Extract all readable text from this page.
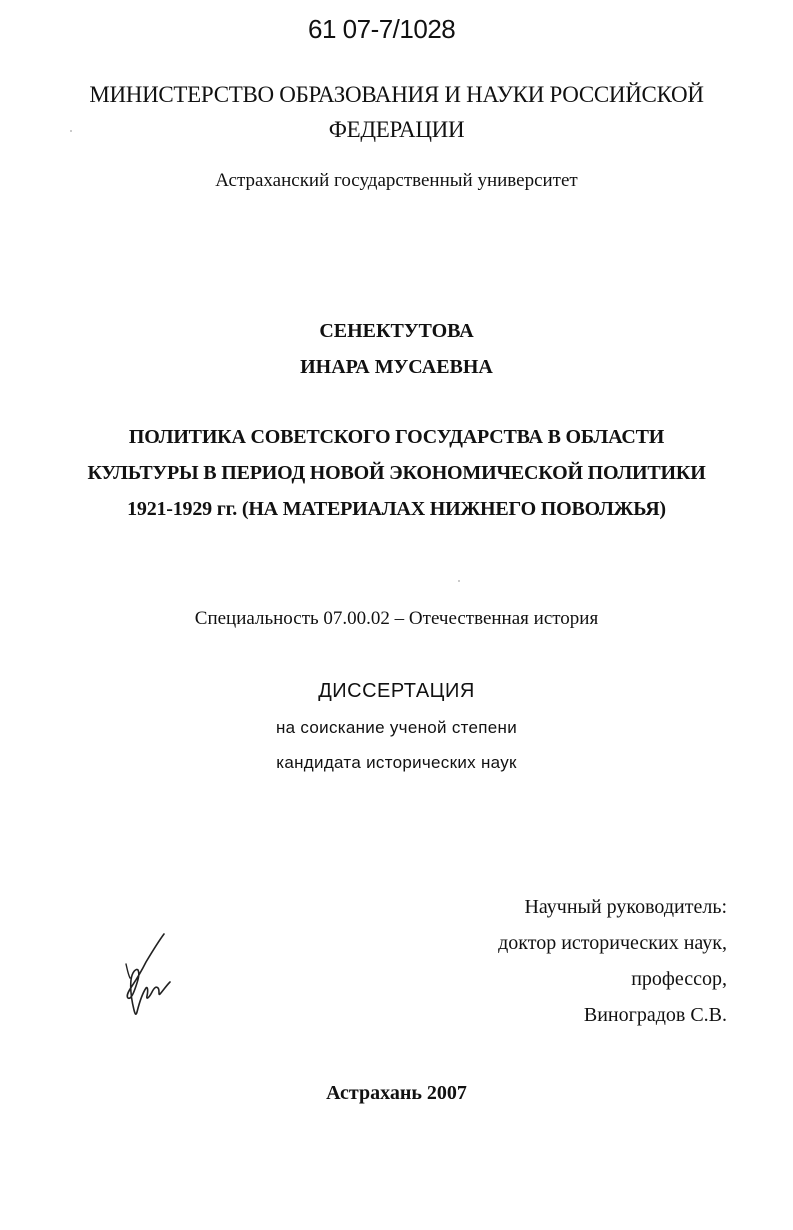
61 07-7/1028
МИНИСТЕРСТВО ОБРАЗОВАНИЯ И НАУКИ РОССИЙСКОЙ
ФЕДЕРАЦИИ
Астраханский государственный университет
СЕНЕКТУТОВА
ИНАРА МУСАЕВНА
ПОЛИТИКА СОВЕТСКОГО ГОСУДАРСТВА В ОБЛАСТИ
КУЛЬТУРЫ В ПЕРИОД НОВОЙ ЭКОНОМИЧЕСКОЙ ПОЛИТИКИ
1921-1929 гг. (НА МАТЕРИАЛАХ НИЖНЕГО ПОВОЛЖЬЯ)
Специальность 07.00.02 – Отечественная история
ДИССЕРТАЦИЯ
на соискание ученой степени
кандидата исторических наук
Научный руководитель:
доктор исторических наук,
профессор,
Виноградов С.В.
Астрахань 2007
